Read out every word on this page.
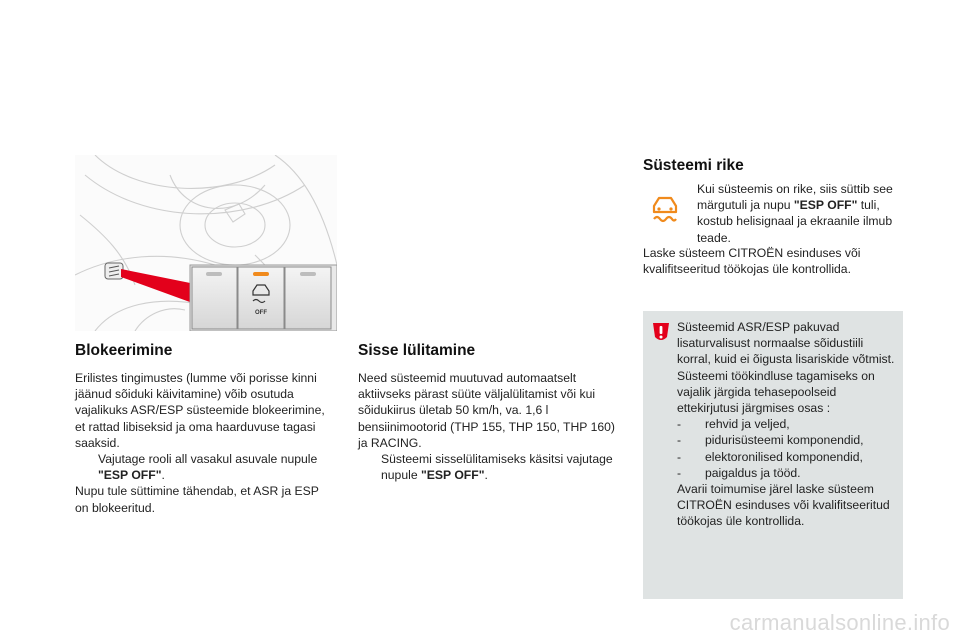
OFF
Blokeerimine
Erilistes tingimustes (lumme või porisse kinni jäänud sõiduki käivitamine) võib osutuda vajalikuks ASR/ESP süsteemide blokeerimine, et rattad libiseksid ja oma haarduvuse tagasi saaksid.
Vajutage rooli all vasakul asuvale nupule "ESP OFF".
Nupu tule süttimine tähendab, et ASR ja ESP on blokeeritud.
Sisse lülitamine
Need süsteemid muutuvad automaatselt aktiivseks pärast süüte väljalülitamist või kui sõidukiirus ületab 50 km/h, va. 1,6 l bensiinimootorid (THP 155, THP 150, THP 160) ja RACING.
Süsteemi sisselülitamiseks käsitsi vajutage nupule "ESP OFF".
Süsteemi rike
Kui süsteemis on rike, siis süttib see märgutuli ja nupu "ESP OFF" tuli, kostub helisignaal ja ekraanile ilmub teade.
Laske süsteem CITROËN esinduses või kvalifitseeritud töökojas üle kontrollida.
Süsteemid ASR/ESP pakuvad lisaturvalisust normaalse sõidustiili korral, kuid ei õigusta lisariskide võtmist.
Süsteemi töökindluse tagamiseks on vajalik järgida tehasepoolseid ettekirjutusi järgmises osas :
-	rehvid ja veljed,
-	pidurisüsteemi komponendid,
-	elektoronilised komponendid,
-	paigaldus ja tööd.
Avarii toimumise järel laske süsteem CITROËN esinduses või kvalifitseeritud töökojas üle kontrollida.
carmanualsonline.info
